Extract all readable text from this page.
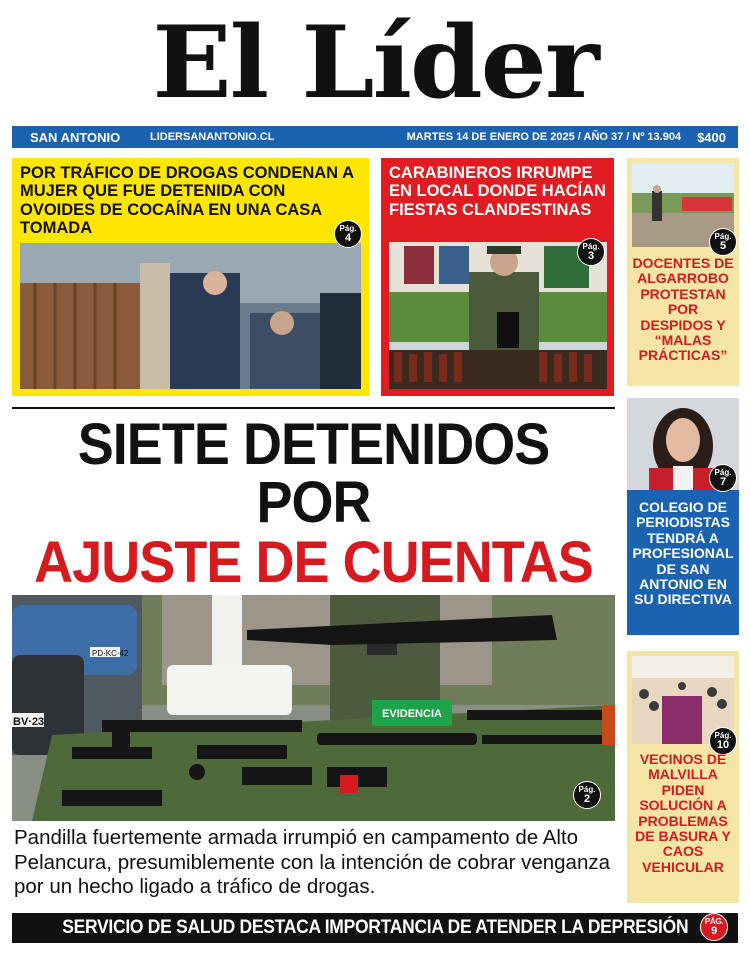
El Líder
SAN ANTONIO	LIDERSANANTONIO.CL	MARTES 14 DE ENERO DE 2025 / AÑO 37 / Nº 13.904 $400
POR TRÁFICO DE DROGAS CONDENAN A MUJER QUE FUE DETENIDA CON OVOIDES DE COCAÍNA EN UNA CASA TOMADA	Pág.
4
CARABINEROS IRRUMPE EN LOCAL DONDE HACÍAN FIESTAS CLANDESTINAS
Pág.
3
Pág.
5
DOCENTES DE ALGARROBO PROTESTAN POR DESPIDOS Y “MALAS PRÁCTICAS”
Pág.
7
COLEGIO DE PERIODISTAS TENDRÁ A PROFESIONAL DE SAN ANTONIO EN SU DIRECTIVA
Pág.
10
VECINOS DE MALVILLA PIDEN SOLUCIÓN A PROBLEMAS DE BASURA Y CAOS VEHICULAR
SIETE DETENIDOS POR
AJUSTE DE CUENTAS
PD·KC·42
BV·23
EVIDENCIA
Pág.
2
Pandilla fuertemente armada irrumpió en campamento de Alto Pelancura, presumiblemente con la intención de cobrar venganza por un hecho ligado a tráfico de drogas.
SERVICIO DE SALUD DESTACA IMPORTANCIA DE ATENDER LA DEPRESIÓN PÁG.
9
